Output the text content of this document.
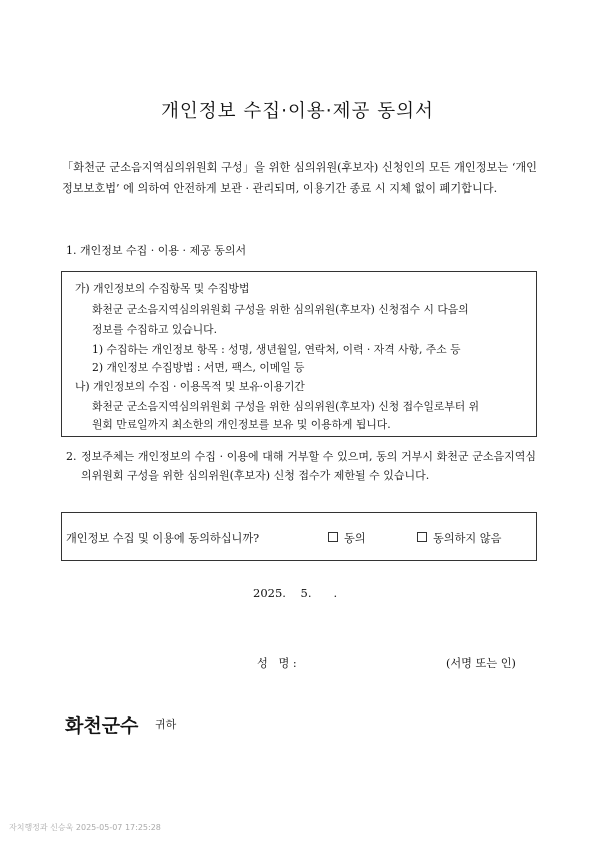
개인정보 수집·이용·제공 동의서
「화천군 군소음지역심의위원회 구성」을 위한 심의위원(후보자) 신청인의 모든 개인정보는 ‘개인정보보호법’ 에 의하여 안전하게 보관 · 관리되며, 이용기간 종료 시 지체 없이 폐기합니다.
1. 개인정보 수집 · 이용 · 제공 동의서
가) 개인정보의 수집항목 및 수집방법
화천군 군소음지역심의위원회 구성을 위한 심의위원(후보자) 신청접수 시 다음의
정보를 수집하고 있습니다.
1) 수집하는 개인정보 항목 : 성명, 생년월일, 연락처, 이력 · 자격 사항, 주소 등
2) 개인정보 수집방법 : 서면, 팩스, 이메일 등
나) 개인정보의 수집 · 이용목적 및 보유·이용기간
화천군 군소음지역심의위원회 구성을 위한 심의위원(후보자) 신청 접수일로부터 위
원회 만료일까지 최소한의 개인정보를 보유 및 이용하게 됩니다.
2. 정보주체는 개인정보의 수집 · 이용에 대해 거부할 수 있으며, 동의 거부시 화천군 군소음지역심의위원회 구성을 위한 심의위원(후보자) 신청 접수가 제한될 수 있습니다.
개인정보 수집 및 이용에 동의하십니까?	동의	동의하지 않음
2025.    5.      .
성   명 :	(서명 또는 인)
화천군수 귀하
자치행정과 신승욱 2025-05-07 17:25:28
